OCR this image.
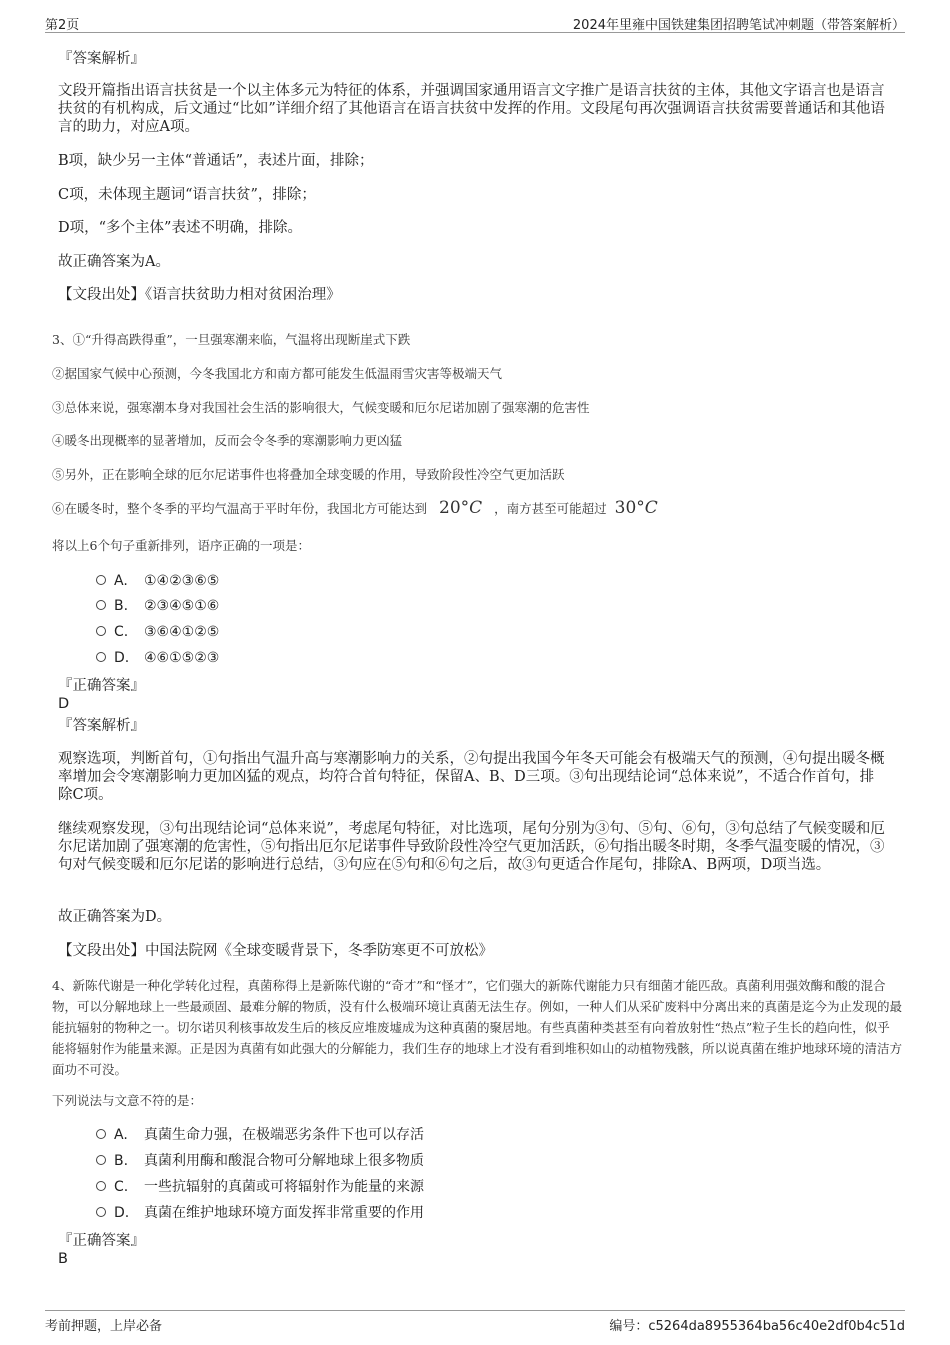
第2页	2024年里雍中国铁建集团招聘笔试冲刺题（带答案解析）
『答案解析』
文段开篇指出语言扶贫是一个以主体多元为特征的体系，并强调国家通用语言文字推广是语言扶贫的主体，其他文字语言也是语言扶贫的有机构成，后文通过“比如”详细介绍了其他语言在语言扶贫中发挥的作用。文段尾句再次强调语言扶贫需要普通话和其他语言的助力，对应A项。
B项，缺少另一主体“普通话”，表述片面，排除；
C项，未体现主题词“语言扶贫”，排除；
D项，“多个主体”表述不明确，排除。
故正确答案为A。
【文段出处】《语言扶贫助力相对贫困治理》
3、①“升得高跌得重”，一旦强寒潮来临，气温将出现断崖式下跌
②据国家气候中心预测，今冬我国北方和南方都可能发生低温雨雪灾害等极端天气
③总体来说，强寒潮本身对我国社会生活的影响很大，气候变暖和厄尔尼诺加剧了强寒潮的危害性
④暖冬出现概率的显著增加，反而会令冬季的寒潮影响力更凶猛
⑤另外，正在影响全球的厄尔尼诺事件也将叠加全球变暖的作用，导致阶段性冷空气更加活跃
⑥在暖冬时，整个冬季的平均气温高于平时年份，我国北方可能达到 20°C ，南方甚至可能超过 30°C
将以上6个句子重新排列，语序正确的一项是：
A. ①④②③⑥⑤
B. ②③④⑤①⑥
C. ③⑥④①②⑤
D. ④⑥①⑤②③
『正确答案』
D
『答案解析』
观察选项，判断首句，①句指出气温升高与寒潮影响力的关系，②句提出我国今年冬天可能会有极端天气的预测，④句提出暖冬概率增加会令寒潮影响力更加凶猛的观点，均符合首句特征，保留A、B、D三项。③句出现结论词“总体来说”，不适合作首句，排除C项。
继续观察发现，③句出现结论词“总体来说”，考虑尾句特征，对比选项，尾句分别为③句、⑤句、⑥句，③句总结了气候变暖和厄尔尼诺加剧了强寒潮的危害性，⑤句指出厄尔尼诺事件导致阶段性冷空气更加活跃，⑥句指出暖冬时期，冬季气温变暖的情况，③句对气候变暖和厄尔尼诺的影响进行总结，③句应在⑤句和⑥句之后，故③句更适合作尾句，排除A、B两项，D项当选。
故正确答案为D。
【文段出处】中国法院网《全球变暖背景下，冬季防寒更不可放松》
4、新陈代谢是一种化学转化过程，真菌称得上是新陈代谢的“奇才”和“怪才”，它们强大的新陈代谢能力只有细菌才能匹敌。真菌利用强效酶和酸的混合物，可以分解地球上一些最顽固、最难分解的物质，没有什么极端环境让真菌无法生存。例如，一种人们从采矿废料中分离出来的真菌是迄今为止发现的最能抗辐射的物种之一。切尔诺贝利核事故发生后的核反应堆废墟成为这种真菌的聚居地。有些真菌种类甚至有向着放射性“热点”粒子生长的趋向性，似乎能将辐射作为能量来源。正是因为真菌有如此强大的分解能力，我们生存的地球上才没有看到堆积如山的动植物残骸，所以说真菌在维护地球环境的清洁方面功不可没。
下列说法与文意不符的是：
A. 真菌生命力强，在极端恶劣条件下也可以存活
B. 真菌利用酶和酸混合物可分解地球上很多物质
C. 一些抗辐射的真菌或可将辐射作为能量的来源
D. 真菌在维护地球环境方面发挥非常重要的作用
『正确答案』
B
考前押题，上岸必备	编号：c5264da8955364ba56c40e2df0b4c51d
